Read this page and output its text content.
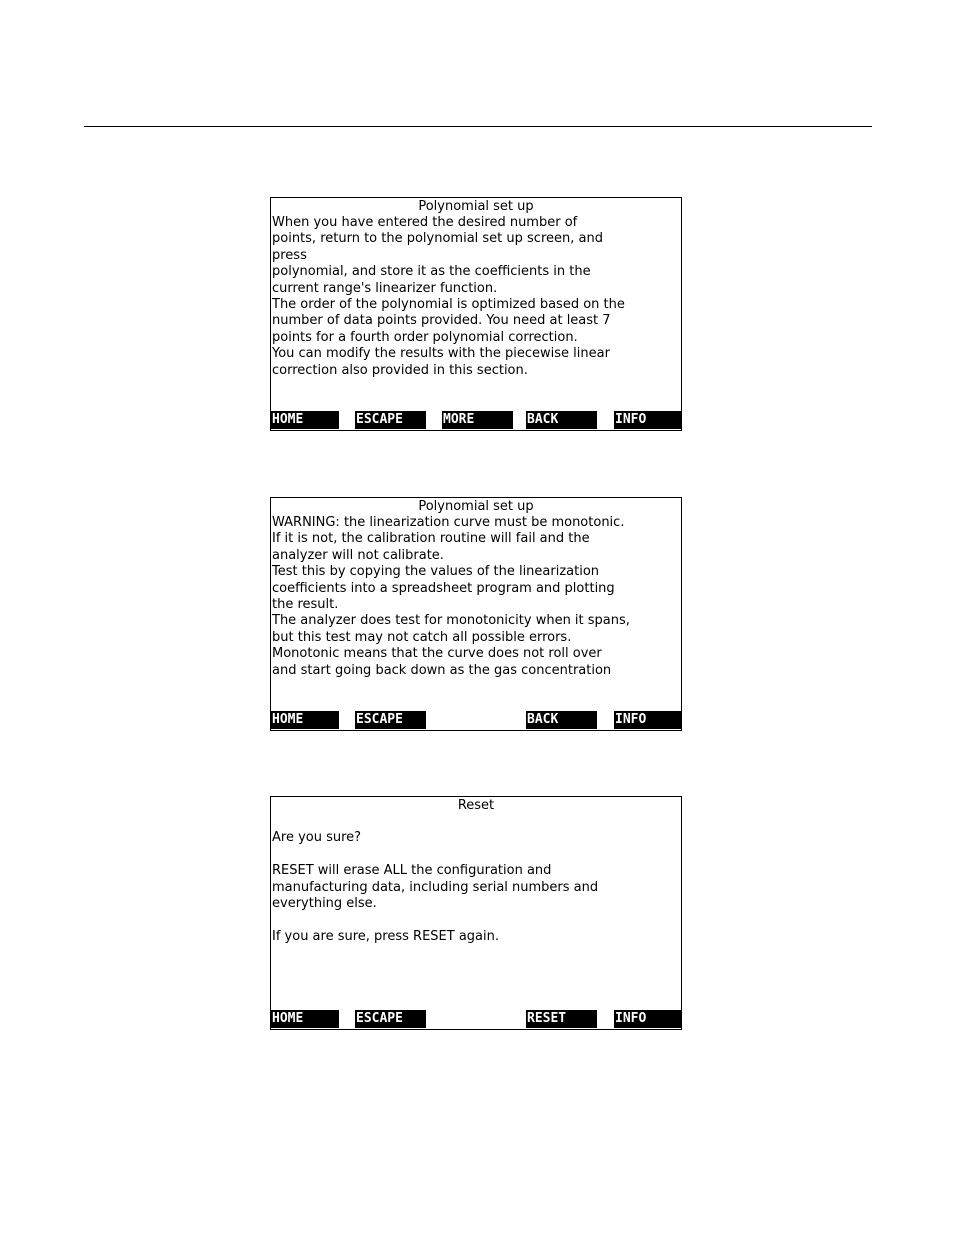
Polynomial set up
When you have entered the desired number of
points, return to the polynomial set up screen, and
press
polynomial, and store it as the coefficients in the
current range's linearizer function.
The order of the polynomial is optimized based on the
number of data points provided. You need at least 7
points for a fourth order polynomial correction.
You can modify the results with the piecewise linear
correction also provided in this section.
HOME	ESCAPE	MORE	BACK	INFO
Polynomial set up
WARNING: the linearization curve must be monotonic.
If it is not, the calibration routine will fail and the
analyzer will not calibrate.
Test this by copying the values of the linearization
coefficients into a spreadsheet program and plotting
the result.
The analyzer does test for monotonicity when it spans,
but this test may not catch all possible errors.
Monotonic means that the curve does not roll over
and start going back down as the gas concentration
HOME	ESCAPE	BACK	INFO
Reset
Are you sure?
RESET will erase ALL the configuration and
manufacturing data, including serial numbers and
everything else.
If you are sure, press RESET again.
HOME	ESCAPE	RESET	INFO
